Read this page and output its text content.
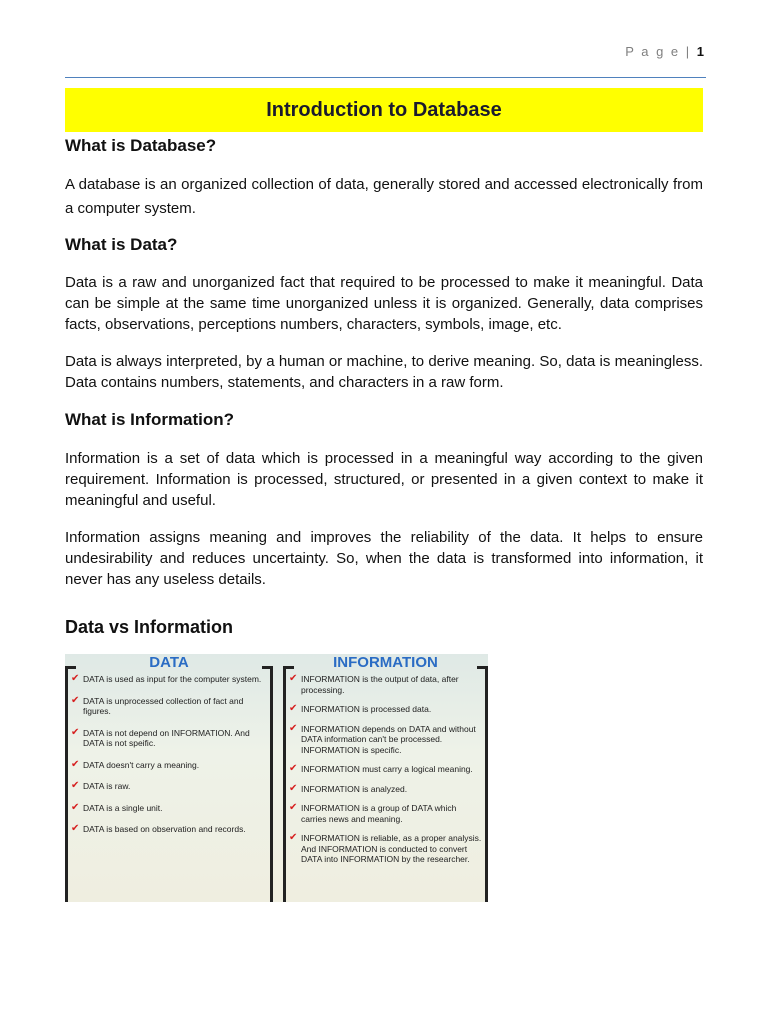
P a g e | 1
Introduction to Database
What is Database?

A database is an organized collection of data, generally stored and accessed electronically from a computer system.

What is Data?

Data is a raw and unorganized fact that required to be processed to make it meaningful. Data can be simple at the same time unorganized unless it is organized. Generally, data comprises facts, observations, perceptions numbers, characters, symbols, image, etc.

Data is always interpreted, by a human or machine, to derive meaning. So, data is meaningless. Data contains numbers, statements, and characters in a raw form.

What is Information?

Information is a set of data which is processed in a meaningful way according to the given requirement. Information is processed, structured, or presented in a given context to make it meaningful and useful.

Information assigns meaning and improves the reliability of the data. It helps to ensure undesirability and reduces uncertainty. So, when the data is transformed into information, it never has any useless details.

Data vs Information
DATA
✔ DATA is used as input for the computer system.
✔ DATA is unprocessed collection of fact and figures.
✔ DATA is not depend on INFORMATION. And DATA is not speific.
✔ DATA doesn't carry a meaning.
✔ DATA is raw.
✔ DATA is a single unit.
✔ DATA is based on observation and records.
INFORMATION
✔ INFORMATION is the output of data, after processing.
✔ INFORMATION is processed data.
✔ INFORMATION depends on DATA and without DATA information can't be processed. INFORMATION is specific.
✔ INFORMATION must carry a logical meaning.
✔ INFORMATION is analyzed.
✔ INFORMATION is a group of DATA which carries news and meaning.
✔ INFORMATION is reliable, as a proper analysis. And INFORMATION is conducted to convert DATA into INFORMATION by the researcher.
